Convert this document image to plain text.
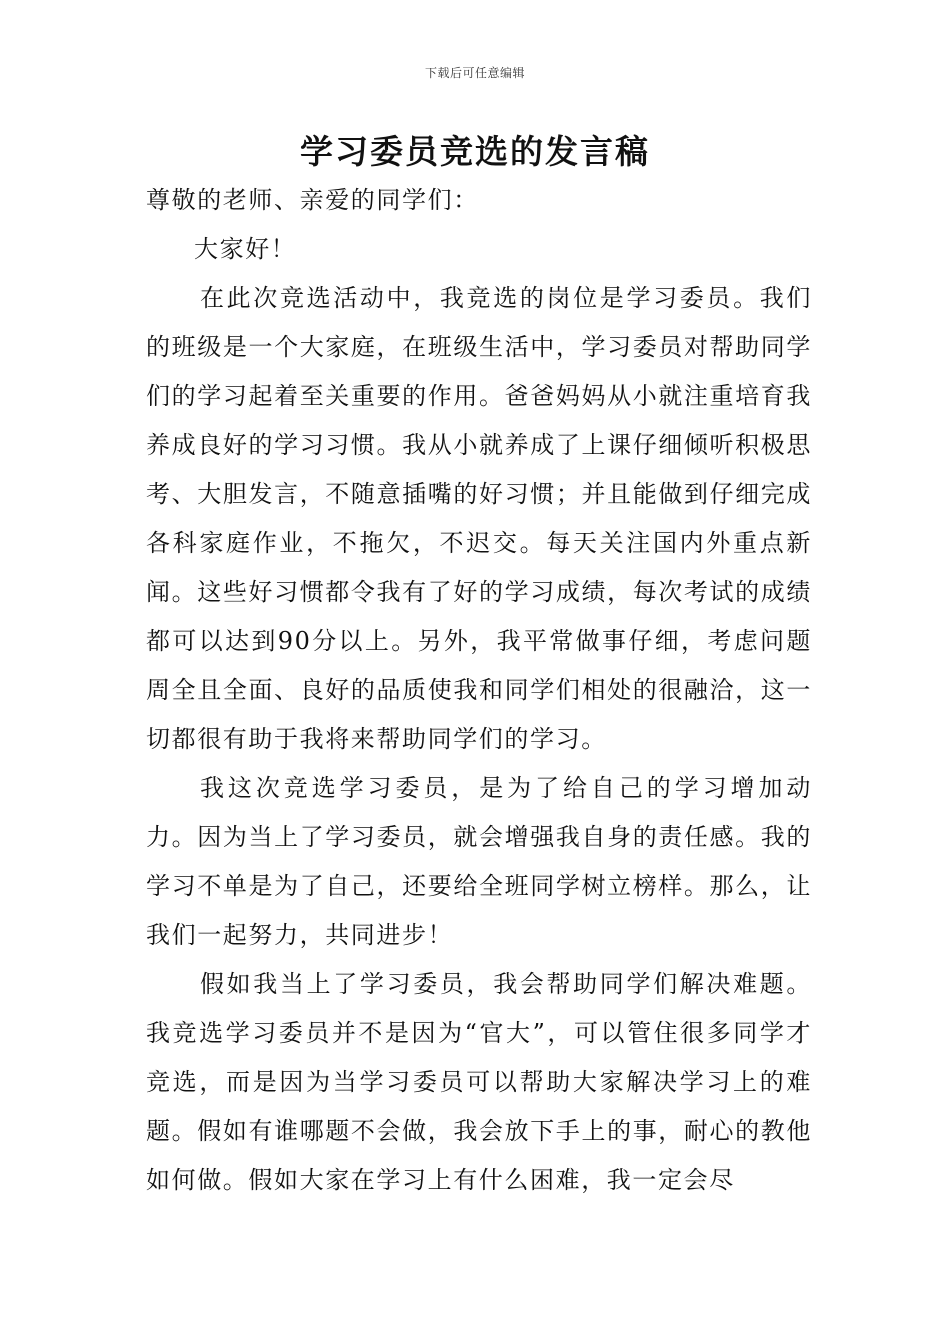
下载后可任意编辑
学习委员竞选的发言稿

尊敬的老师、亲爱的同学们：

大家好！

在此次竞选活动中，我竞选的岗位是学习委员。我们的班级是一个大家庭，在班级生活中，学习委员对帮助同学们的学习起着至关重要的作用。爸爸妈妈从小就注重培育我养成良好的学习习惯。我从小就养成了上课仔细倾听积极思考、大胆发言，不随意插嘴的好习惯；并且能做到仔细完成各科家庭作业，不拖欠，不迟交。每天关注国内外重点新闻。这些好习惯都令我有了好的学习成绩，每次考试的成绩都可以达到90分以上。另外，我平常做事仔细，考虑问题周全且全面、良好的品质使我和同学们相处的很融洽，这一切都很有助于我将来帮助同学们的学习。

我这次竞选学习委员，是为了给自己的学习增加动力。因为当上了学习委员，就会增强我自身的责任感。我的学习不单是为了自己，还要给全班同学树立榜样。那么，让我们一起努力，共同进步！

假如我当上了学习委员，我会帮助同学们解决难题。我竞选学习委员并不是因为“官大”，可以管住很多同学才竞选，而是因为当学习委员可以帮助大家解决学习上的难题。假如有谁哪题不会做，我会放下手上的事，耐心的教他如何做。假如大家在学习上有什么困难，我一定会尽
